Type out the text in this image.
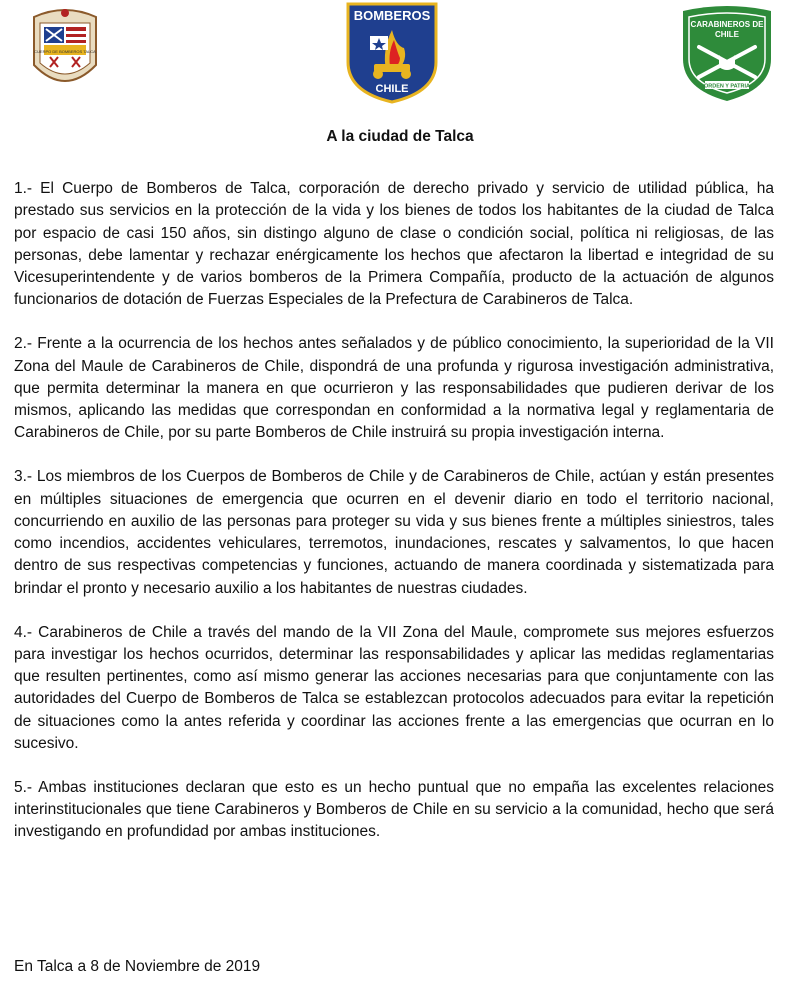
CUERPO DE BOMBEROS TALCA
BOMBEROS
CHILE
CARABINEROS DE
CHILE
ORDEN Y PATRIA
A la ciudad de Talca

1.- El Cuerpo de Bomberos de Talca, corporación de derecho privado y servicio de utilidad pública, ha prestado sus servicios en la protección de la vida y los bienes de todos los habitantes de la ciudad de Talca por espacio de casi 150 años, sin distingo alguno de clase o condición social, política ni religiosas, de las personas, debe lamentar y rechazar enérgicamente los hechos que afectaron la libertad e integridad de su Vicesuperintendente y de varios bomberos de la Primera Compañía, producto de la actuación de algunos funcionarios de dotación de Fuerzas Especiales de la Prefectura de Carabineros de Talca.

2.- Frente a la ocurrencia de los hechos antes señalados y de público conocimiento, la superioridad de la VII Zona del Maule de Carabineros de Chile, dispondrá de una profunda y rigurosa investigación administrativa, que permita determinar la manera en que ocurrieron y las responsabilidades que pudieren derivar de los mismos, aplicando las medidas que correspondan en conformidad a la normativa legal y reglamentaria de Carabineros de Chile, por su parte Bomberos de Chile instruirá su propia investigación interna.

3.- Los miembros de los Cuerpos de Bomberos de Chile y de Carabineros de Chile, actúan y están presentes en múltiples situaciones de emergencia que ocurren en el devenir diario en todo el territorio nacional, concurriendo en auxilio de las personas para proteger su vida y sus bienes frente a múltiples siniestros, tales como incendios, accidentes vehiculares, terremotos, inundaciones, rescates y salvamentos, lo que hacen dentro de sus respectivas competencias y funciones, actuando de manera coordinada y sistematizada para brindar el pronto y necesario auxilio a los habitantes de nuestras ciudades.

4.- Carabineros de Chile a través del mando de la VII Zona del Maule, compromete sus mejores esfuerzos para investigar los hechos ocurridos, determinar las responsabilidades y aplicar las medidas reglamentarias que resulten pertinentes, como así mismo generar las acciones necesarias para que conjuntamente con las autoridades del Cuerpo de Bomberos de Talca se establezcan protocolos adecuados para evitar la repetición de situaciones como la antes referida y coordinar las acciones frente a las emergencias que ocurran en lo sucesivo.

5.- Ambas instituciones declaran que esto es un hecho puntual que no empaña las excelentes relaciones interinstitucionales que tiene Carabineros y Bomberos de Chile en su servicio a la comunidad, hecho que será investigando en profundidad por ambas instituciones.

En Talca a 8 de Noviembre de 2019
